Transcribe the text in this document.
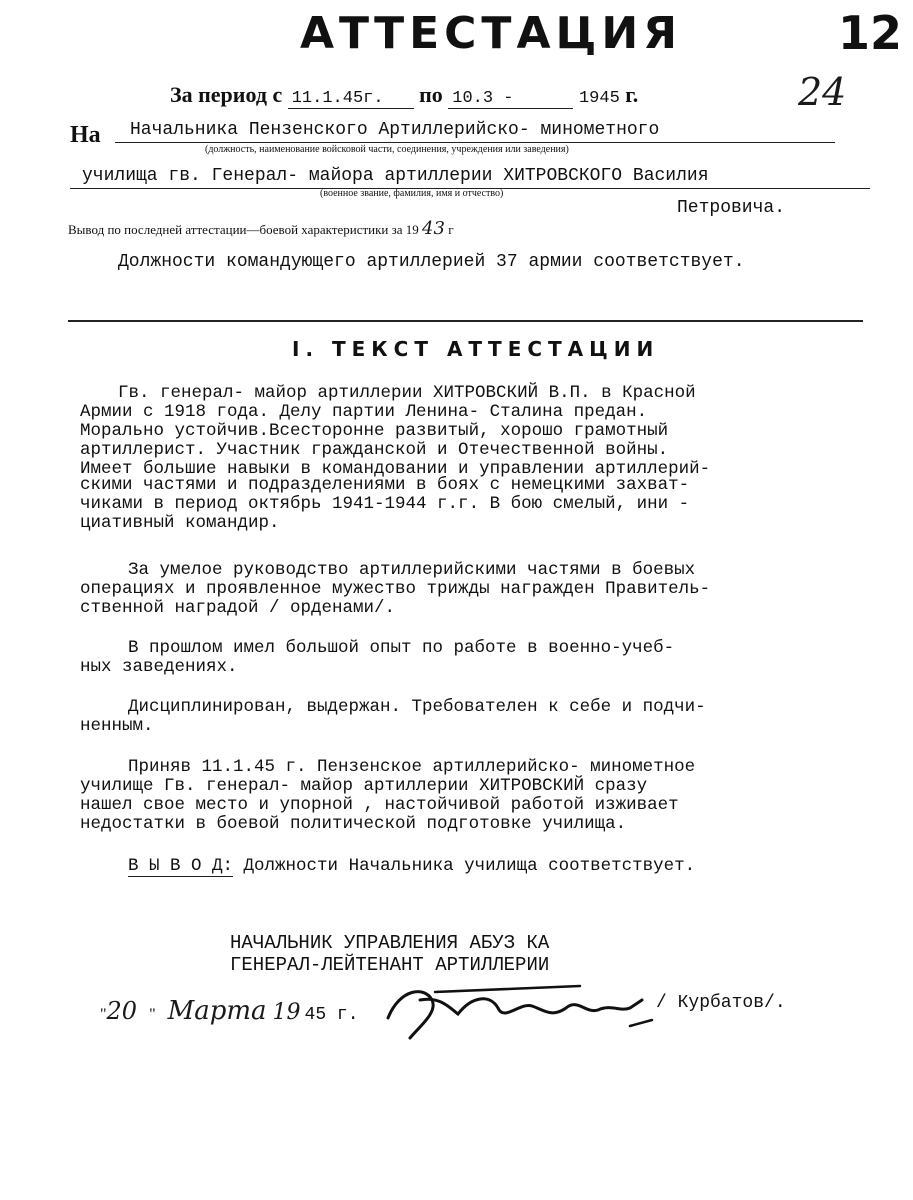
АТТЕСТАЦИЯ	12
24
За период с 11.1.45г. по 10.3 -	1945 г.
На Начальника Пензенского Артиллерийско- минометного
(должность, наименование войсковой части, соединения, учреждения или заведения)
училища гв. Генерал- майора артиллерии ХИТРОВСКОГО Василия
(военное звание, фамилия, имя и отчество)
Петровича.
Вывод по последней аттестации—боевой характеристики за 19 43 г
Должности командующего артиллерией 37 армии соответствует.
I. ТЕКСТ АТТЕСТАЦИИ
Гв. генерал- майор артиллерии ХИТРОВСКИЙ В.П. в Красной
Армии с 1918 года. Делу партии Ленина- Сталина предан.
Морально устойчив.Всесторонне развитый, хорошо грамотный
артиллерист. Участник гражданской и Отечественной войны.
Имеет большие навыки в командовании и управлении артиллерий-
скими частями и подразделениями в боях с немецкими захват-
чиками в период октябрь 1941-1944 г.г. В бою смелый, ини -
циативный командир.
За умелое руководство артиллерийскими частями в боевых
операциях и проявленное мужество трижды награжден Правитель-
ственной наградой / орденами/.
В прошлом имел большой опыт по работе в военно-учеб-
ных заведениях.
Дисциплинирован, выдержан. Требователен к себе и подчи-
ненным.
Приняв 11.1.45 г. Пензенское артиллерийско- минометное
училище Гв. генерал- майор артиллерии ХИТРОВСКИЙ сразу
нашел свое место и упорной , настойчивой работой изживает
недостатки в боевой политической подготовке училища.
В Ы В О Д: Должности Начальника училища соответствует.
НАЧАЛЬНИК УПРАВЛЕНИЯ АБУЗ КА
ГЕНЕРАЛ-ЛЕЙТЕНАНТ АРТИЛЛЕРИИ
"20 " Марта 19 45 г.
/ Курбатов/.
